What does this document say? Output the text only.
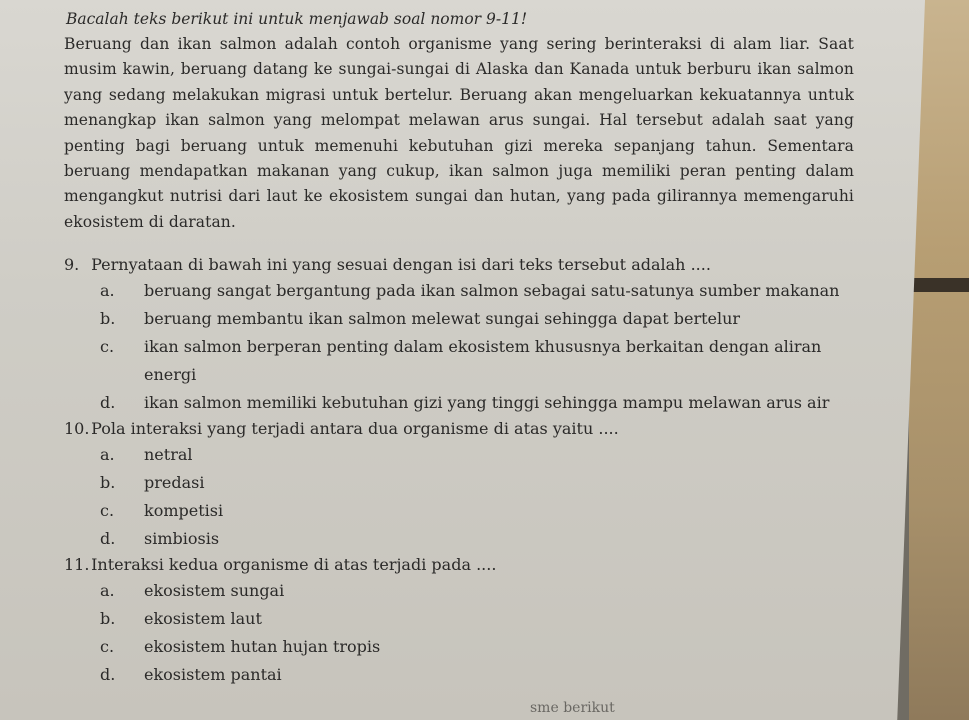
Bacalah teks berikut ini untuk menjawab soal nomor 9-11!

Beruang dan ikan salmon adalah contoh organisme yang sering berinteraksi di alam liar. Saat musim kawin, beruang datang ke sungai-sungai di Alaska dan Kanada untuk berburu ikan salmon yang sedang melakukan migrasi untuk bertelur. Beruang akan mengeluarkan kekuatannya untuk menangkap ikan salmon yang melompat melawan arus sungai. Hal tersebut adalah saat yang penting bagi beruang untuk memenuhi kebutuhan gizi mereka sepanjang tahun. Sementara beruang mendapatkan makanan yang cukup, ikan salmon juga memiliki peran penting dalam mengangkut nutrisi dari laut ke ekosistem sungai dan hutan, yang pada gilirannya memengaruhi ekosistem di daratan.

9. Pernyataan di bawah ini yang sesuai dengan isi dari teks tersebut adalah ....

a. beruang sangat bergantung pada ikan salmon sebagai satu-satunya sumber makanan
b. beruang membantu ikan salmon melewat sungai sehingga dapat bertelur
c. ikan salmon berperan penting dalam ekosistem khususnya berkaitan dengan aliran
energi
d. ikan salmon memiliki kebutuhan gizi yang tinggi sehingga mampu melawan arus air

10. Pola interaksi yang terjadi antara dua organisme di atas yaitu ....

a. netral
b. predasi
c. kompetisi
d. simbiosis

11. Interaksi kedua organisme di atas terjadi pada ....

a. ekosistem sungai
b. ekosistem laut
c. ekosistem hutan hujan tropis
d. ekosistem pantai
sme berikut
